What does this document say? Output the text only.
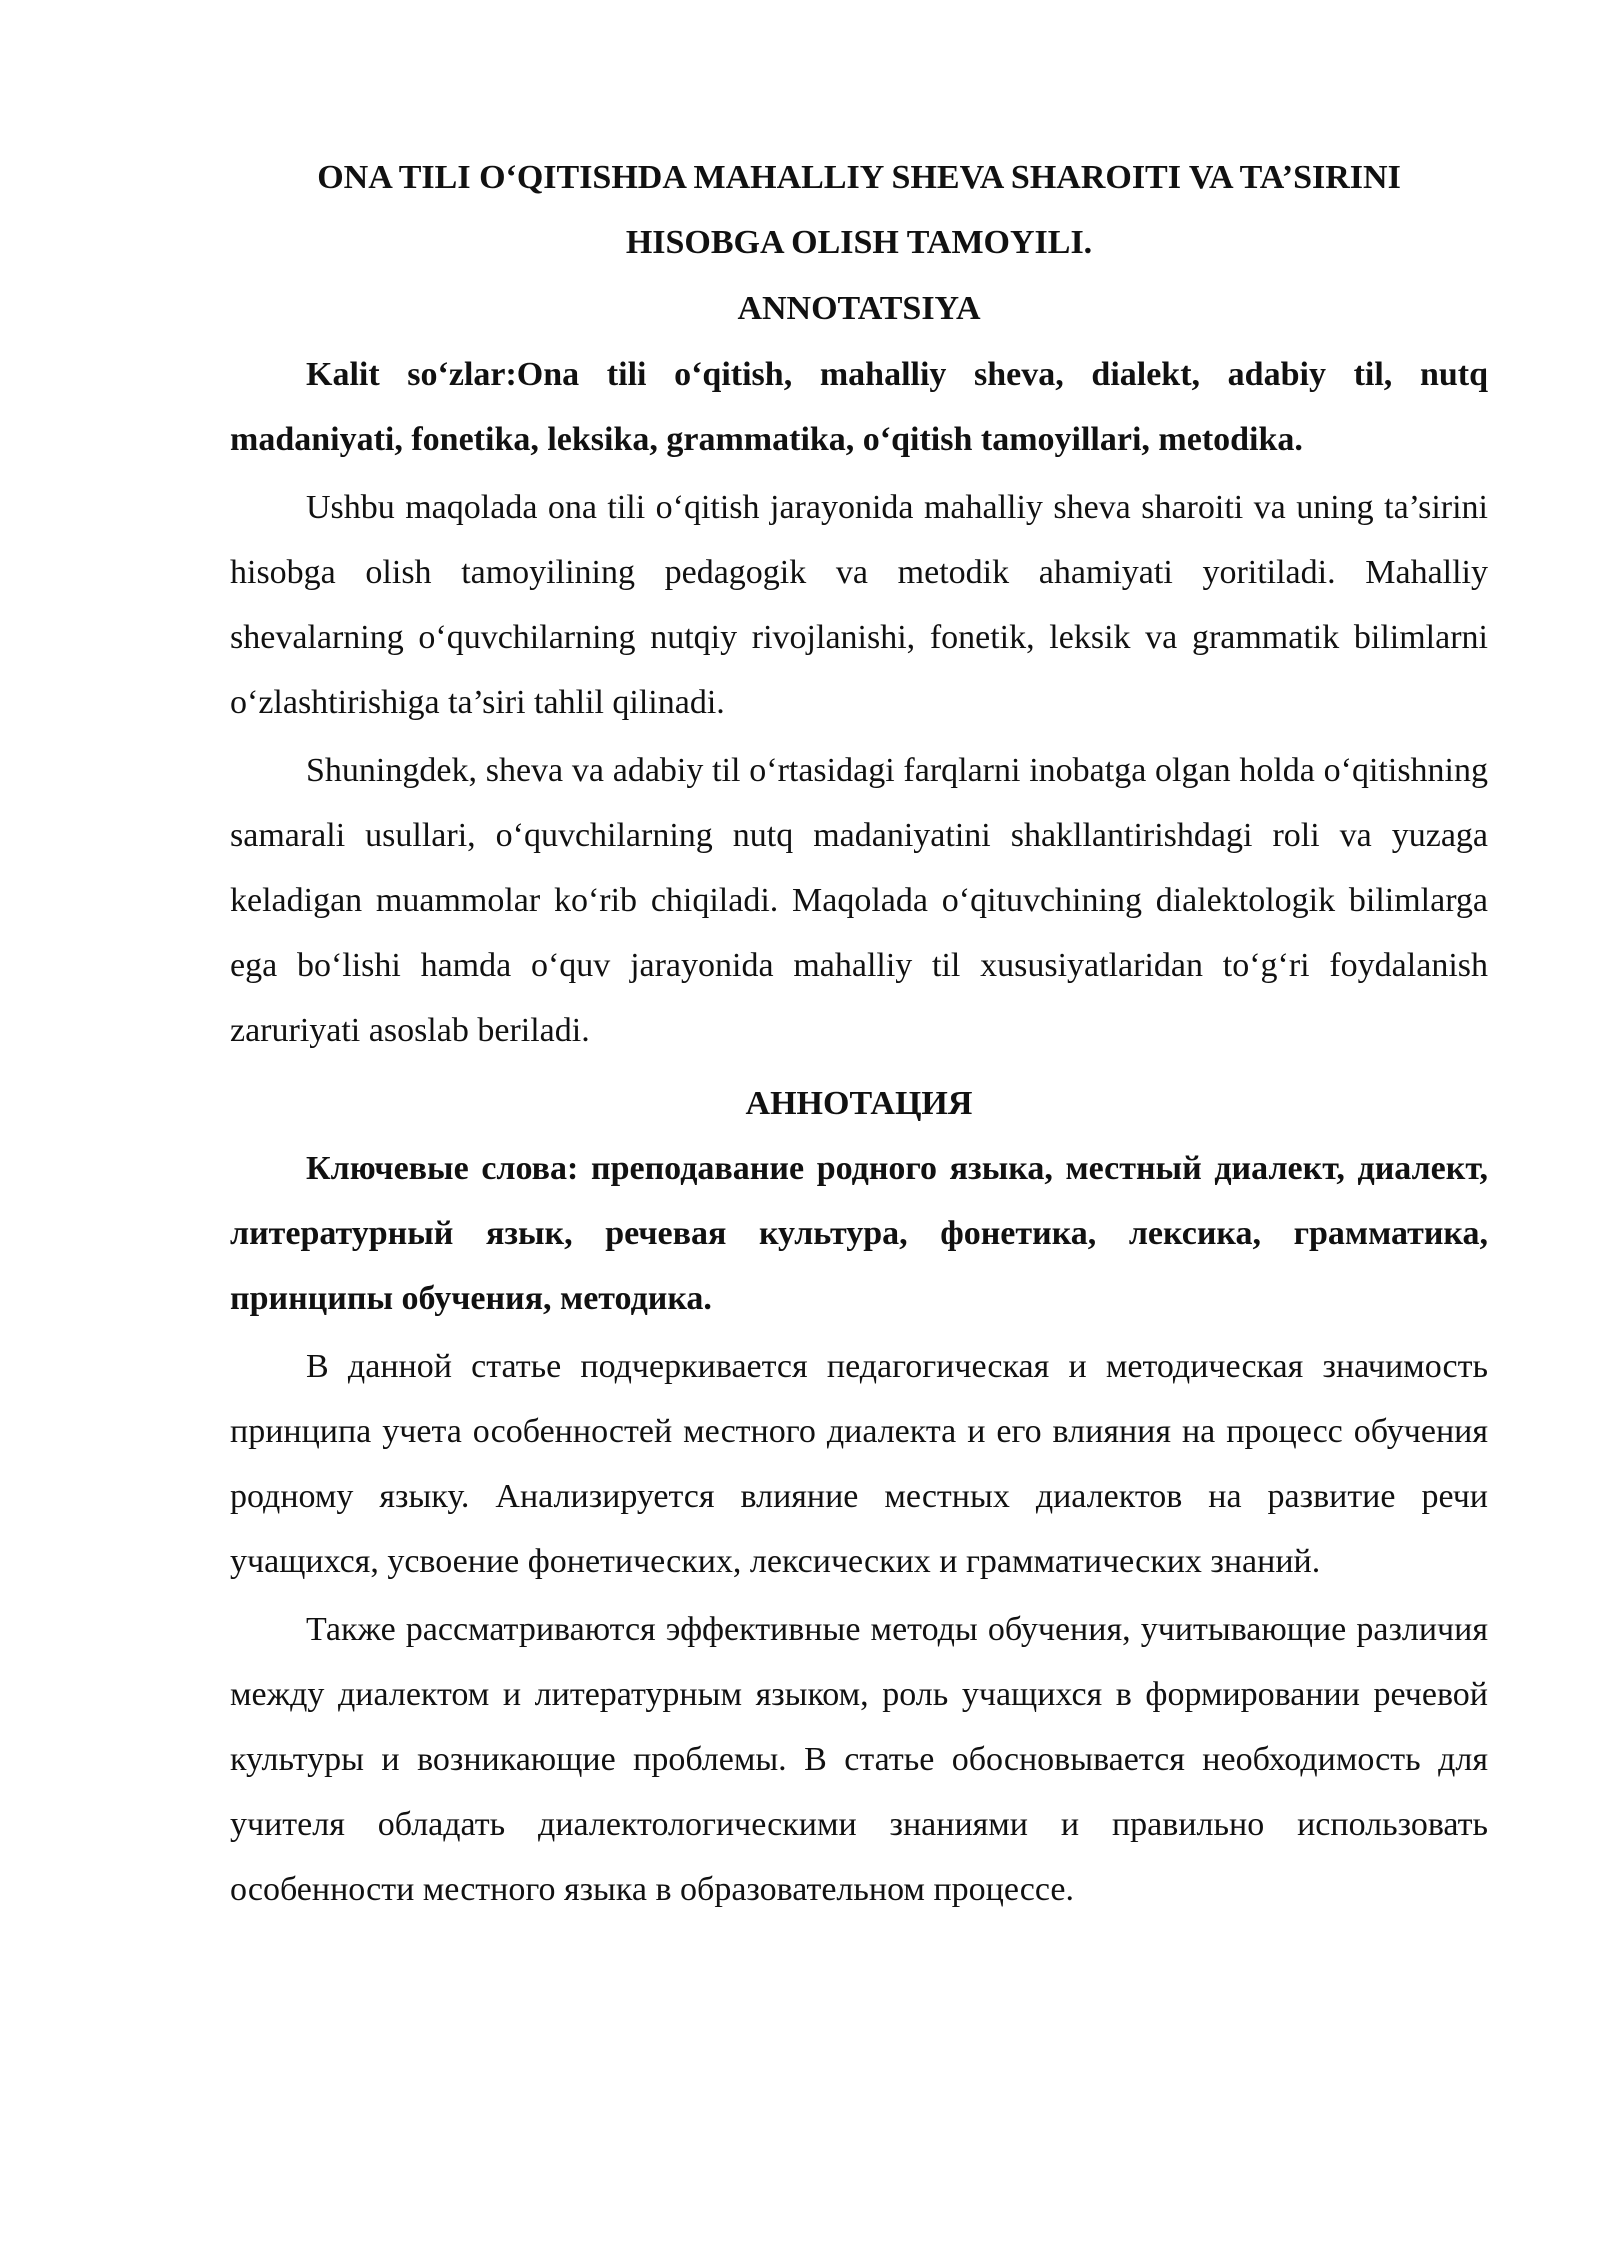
ONA TILI O‘QITISHDA MAHALLIY SHEVA SHAROITI VA TA’SIRINI
HISOBGA OLISH TAMOYILI.
ANNOTATSIYA

Kalit so‘zlar:Ona tili o‘qitish, mahalliy sheva, dialekt, adabiy til, nutq madaniyati, fonetika, leksika, grammatika, o‘qitish tamoyillari, metodika.

Ushbu maqolada ona tili o‘qitish jarayonida mahalliy sheva sharoiti va uning ta’sirini hisobga olish tamoyilining pedagogik va metodik ahamiyati yoritiladi. Mahalliy shevalarning o‘quvchilarning nutqiy rivojlanishi, fonetik, leksik va grammatik bilimlarni o‘zlashtirishiga ta’siri tahlil qilinadi.

Shuningdek, sheva va adabiy til o‘rtasidagi farqlarni inobatga olgan holda o‘qitishning samarali usullari, o‘quvchilarning nutq madaniyatini shakllantirishdagi roli va yuzaga keladigan muammolar ko‘rib chiqiladi. Maqolada o‘qituvchining dialektologik bilimlarga ega bo‘lishi hamda o‘quv jarayonida mahalliy til xususiyatlaridan to‘g‘ri foydalanish zaruriyati asoslab beriladi.

АННОТАЦИЯ

Ключевые слова: преподавание родного языка, местный диалект, диалект, литературный язык, речевая культура, фонетика, лексика, грамматика, принципы обучения, методика.

В данной статье подчеркивается педагогическая и методическая значимость принципа учета особенностей местного диалекта и его влияния на процесс обучения родному языку. Анализируется влияние местных диалектов на развитие речи учащихся, усвоение фонетических, лексических и грамматических знаний.

Также рассматриваются эффективные методы обучения, учитывающие различия между диалектом и литературным языком, роль учащихся в формировании речевой культуры и возникающие проблемы. В статье обосновывается необходимость для учителя обладать диалектологическими знаниями и правильно использовать особенности местного языка в образовательном процессе.
